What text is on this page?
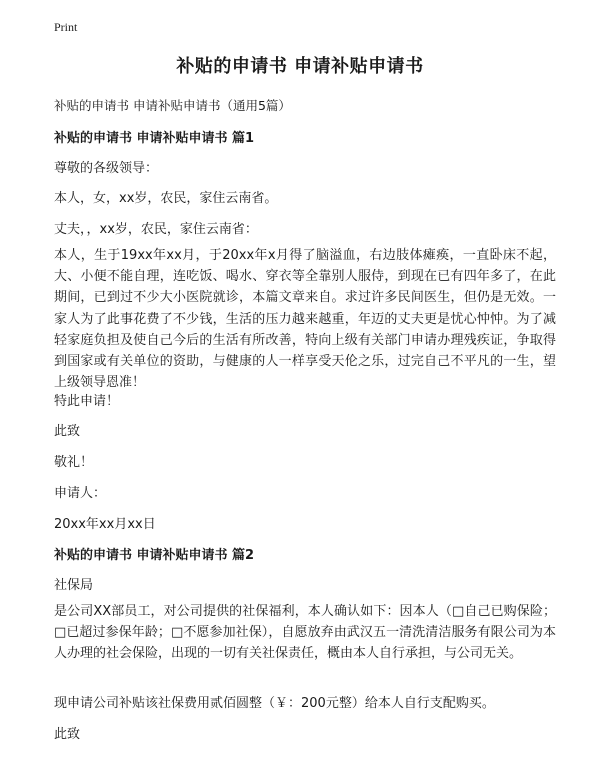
Print
补贴的申请书 申请补贴申请书
补贴的申请书 申请补贴申请书（通用5篇）
补贴的申请书 申请补贴申请书 篇1
尊敬的各级领导：
本人，女，xx岁，农民，家住云南省。
丈夫，，xx岁，农民，家住云南省：
本人，生于19xx年xx月，于20xx年x月得了脑溢血，右边肢体瘫痪，一直卧床不起，大、小便不能自理，连吃饭、喝水、穿衣等全靠别人服侍，到现在已有四年多了，在此期间，已到过不少大小医院就诊，本篇文章来自。求过许多民间医生，但仍是无效。一家人为了此事花费了不少钱，生活的压力越来越重，年迈的丈夫更是忧心忡忡。为了减轻家庭负担及使自己今后的生活有所改善，特向上级有关部门申请办理残疾证，争取得到国家或有关单位的资助，与健康的人一样享受天伦之乐，过完自己不平凡的一生，望上级领导恩准！
特此申请！
此致
敬礼！
申请人：
20xx年xx月xx日
补贴的申请书 申请补贴申请书 篇2
社保局
是公司XX部员工，对公司提供的社保福利，本人确认如下：因本人（□自己已购保险；□已超过参保年龄；□不愿参加社保），自愿放弃由武汉五一清洗清洁服务有限公司为本人办理的社会保险，出现的一切有关社保责任，概由本人自行承担，与公司无关。
现申请公司补贴该社保费用贰佰圆整（￥：200元整）给本人自行支配购买。
此致
